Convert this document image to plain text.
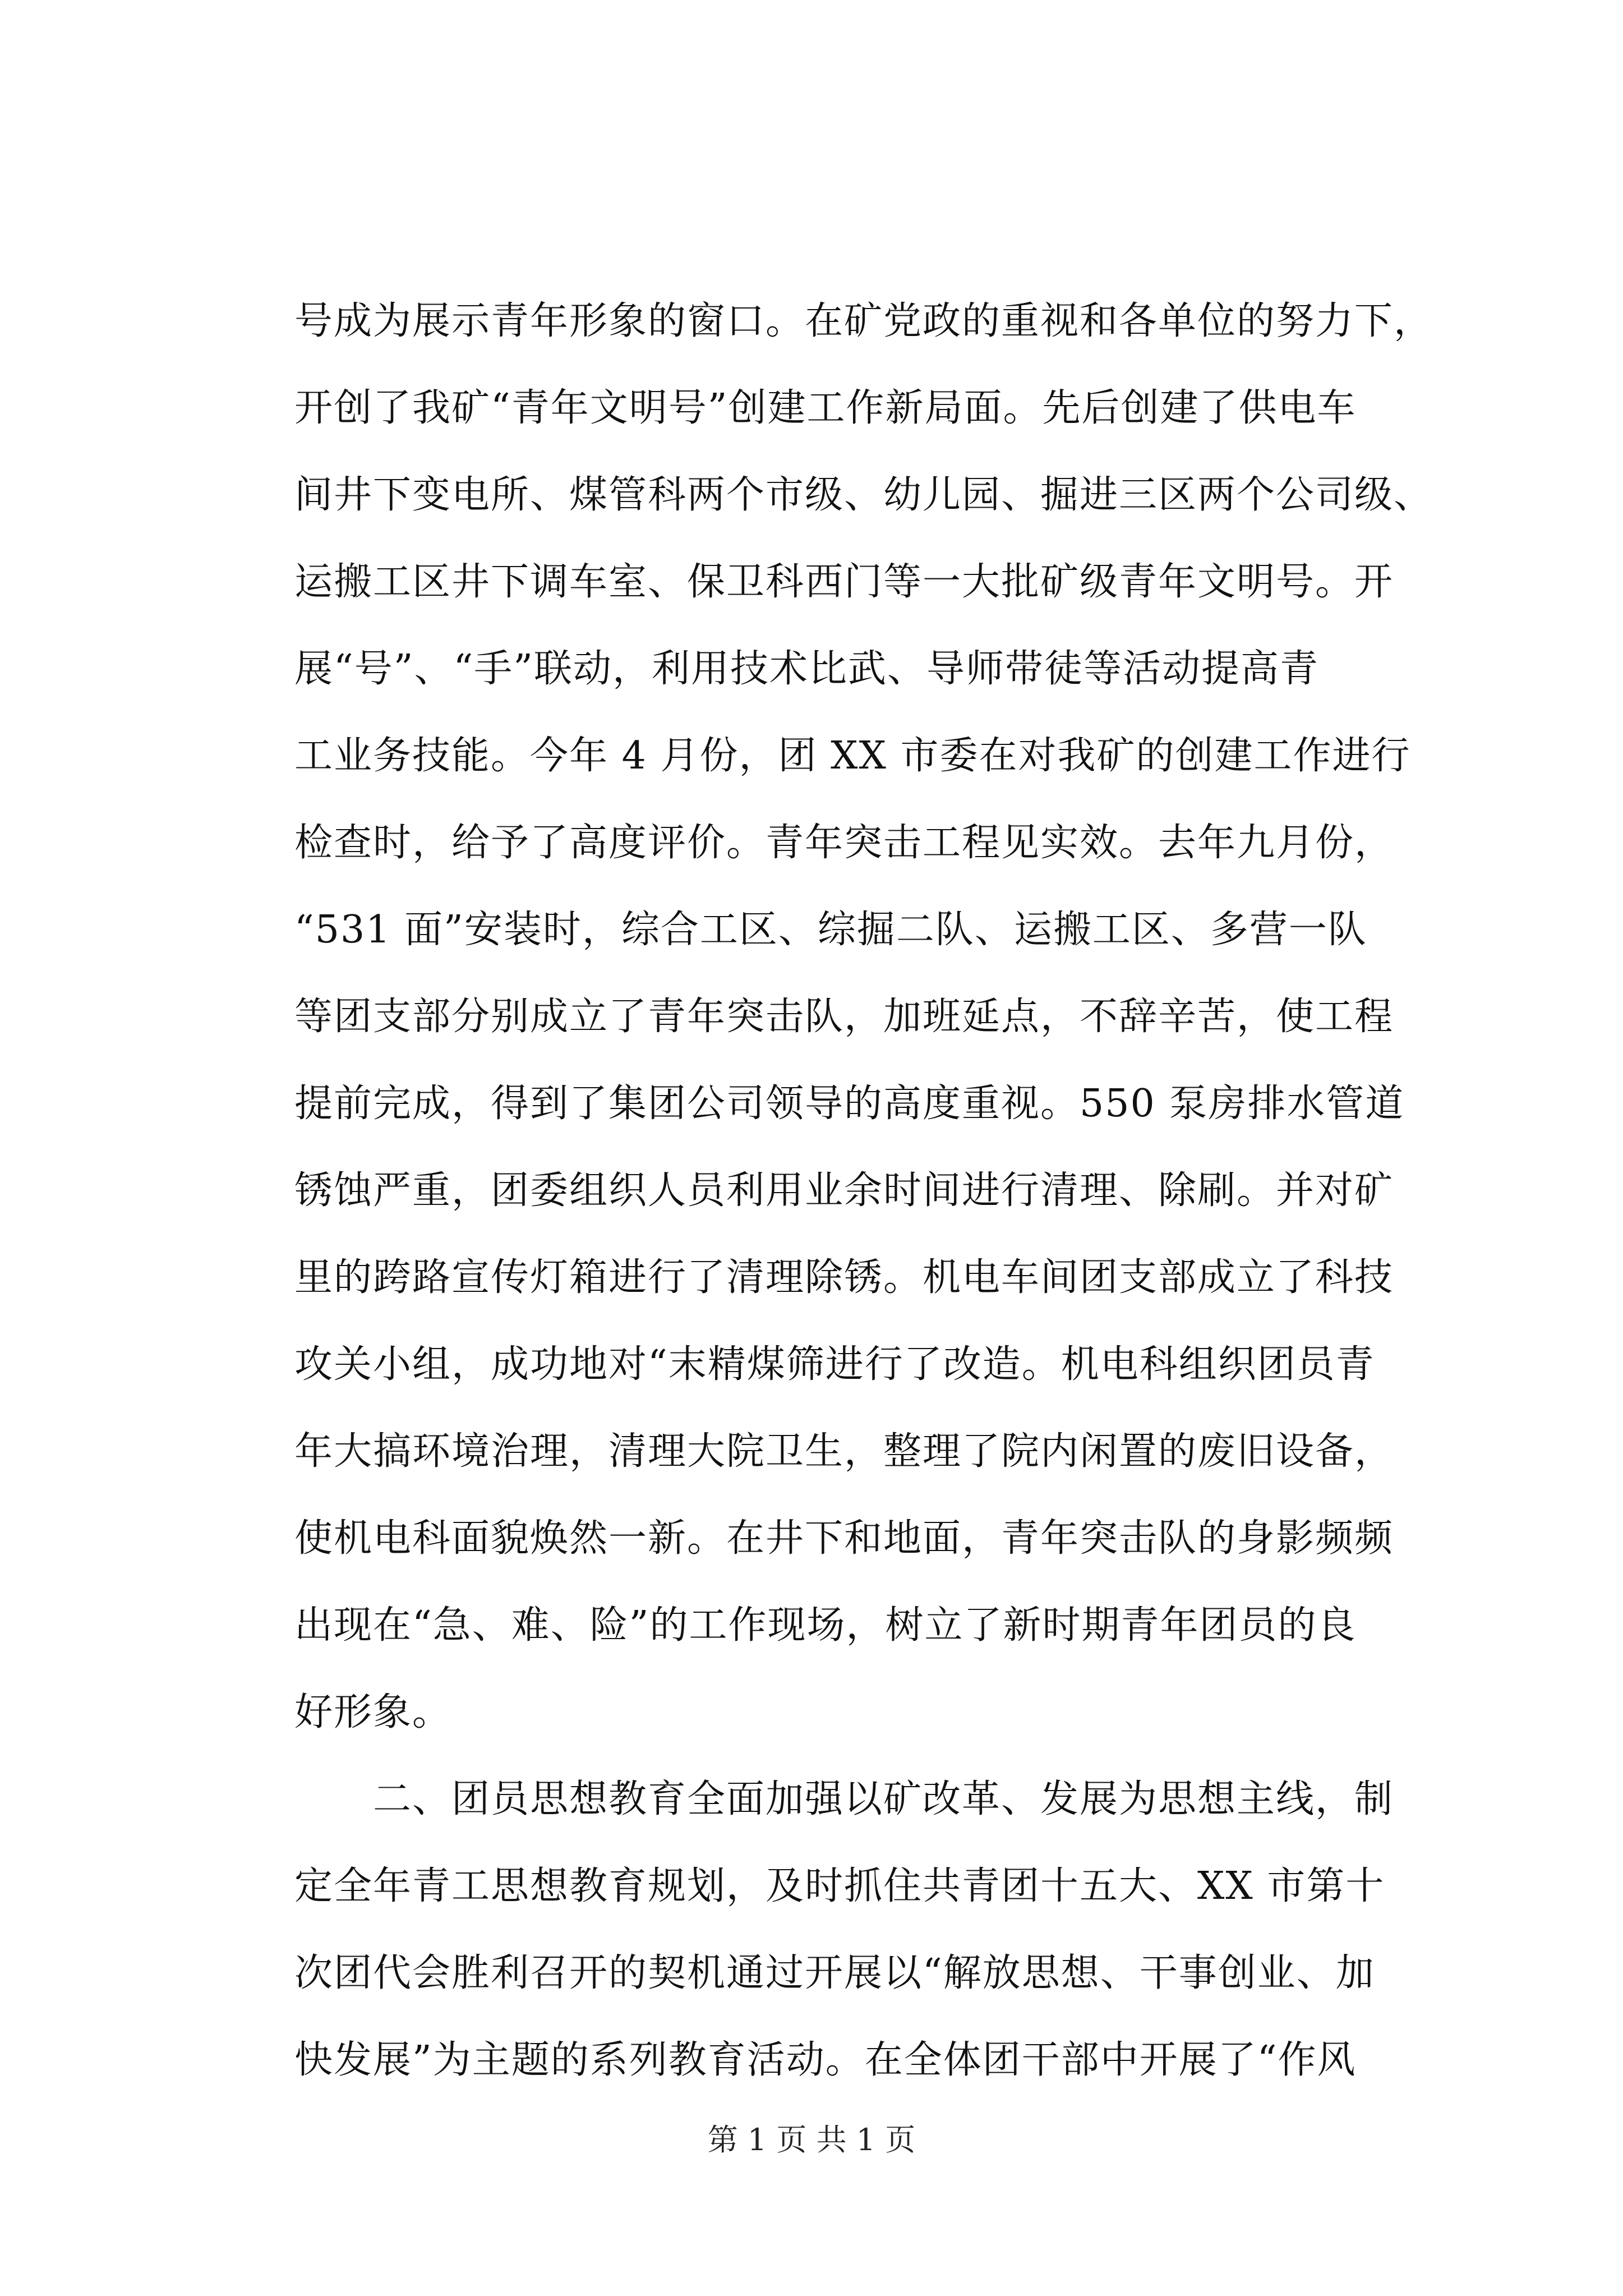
号成为展示青年形象的窗口。在矿党政的重视和各单位的努力下，
开创了我矿“青年文明号”创建工作新局面。先后创建了供电车
间井下变电所、煤管科两个市级、幼儿园、掘进三区两个公司级、
运搬工区井下调车室、保卫科西门等一大批矿级青年文明号。开
展“号”、“手”联动，利用技术比武、导师带徒等活动提高青
工业务技能。今年 4 月份，团 XX 市委在对我矿的创建工作进行
检查时，给予了高度评价。青年突击工程见实效。去年九月份，
“531 面”安装时，综合工区、综掘二队、运搬工区、多营一队
等团支部分别成立了青年突击队，加班延点，不辞辛苦，使工程
提前完成，得到了集团公司领导的高度重视。550 泵房排水管道
锈蚀严重，团委组织人员利用业余时间进行清理、除刷。并对矿
里的跨路宣传灯箱进行了清理除锈。机电车间团支部成立了科技
攻关小组，成功地对“末精煤筛进行了改造。机电科组织团员青
年大搞环境治理，清理大院卫生，整理了院内闲置的废旧设备，
使机电科面貌焕然一新。在井下和地面，青年突击队的身影频频
出现在“急、难、险”的工作现场，树立了新时期青年团员的良
好形象。
　　二、团员思想教育全面加强以矿改革、发展为思想主线，制
定全年青工思想教育规划，及时抓住共青团十五大、XX 市第十
次团代会胜利召开的契机通过开展以“解放思想、干事创业、加
快发展”为主题的系列教育活动。在全体团干部中开展了“作风
第 1 页 共 1 页
